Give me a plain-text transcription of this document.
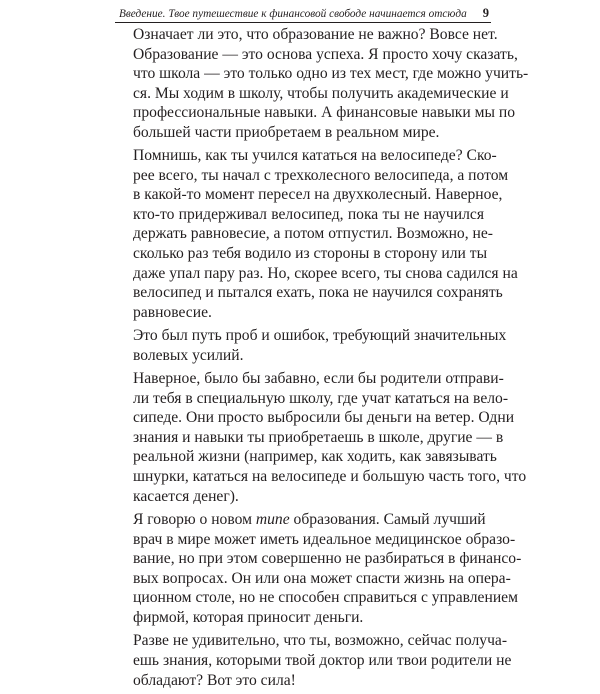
Введение. Твое путешествие к финансовой свободе начинается отсюда 9

Означает ли это, что образование не важно? Вовсе нет.
Образование — это основа успеха. Я просто хочу сказать,
что школа — это только одно из тех мест, где можно учить-
ся. Мы ходим в школу, чтобы получить академические и
профессиональные навыки. А финансовые навыки мы по
большей части приобретаем в реальном мире.

Помнишь, как ты учился кататься на велосипеде? Ско-
рее всего, ты начал с трехколесного велосипеда, а потом
в какой-то момент пересел на двухколесный. Наверное,
кто-то придерживал велосипед, пока ты не научился
держать равновесие, а потом отпустил. Возможно, не-
сколько раз тебя водило из стороны в сторону или ты
даже упал пару раз. Но, скорее всего, ты снова садился на
велосипед и пытался ехать, пока не научился сохранять
равновесие.

Это был путь проб и ошибок, требующий значительных
волевых усилий.

Наверное, было бы забавно, если бы родители отправи-
ли тебя в специальную школу, где учат кататься на вело-
сипеде. Они просто выбросили бы деньги на ветер. Одни
знания и навыки ты приобретаешь в школе, другие — в
реальной жизни (например, как ходить, как завязывать
шнурки, кататься на велосипеде и большую часть того, что
касается денег).

Я говорю о новом типе образования. Самый лучший
врач в мире может иметь идеальное медицинское образо-
вание, но при этом совершенно не разбираться в финансо-
вых вопросах. Он или она может спасти жизнь на опера-
ционном столе, но не способен справиться с управлением
фирмой, которая приносит деньги.

Разве не удивительно, что ты, возможно, сейчас получа-
ешь знания, которыми твой доктор или твои родители не
обладают? Вот это сила!
